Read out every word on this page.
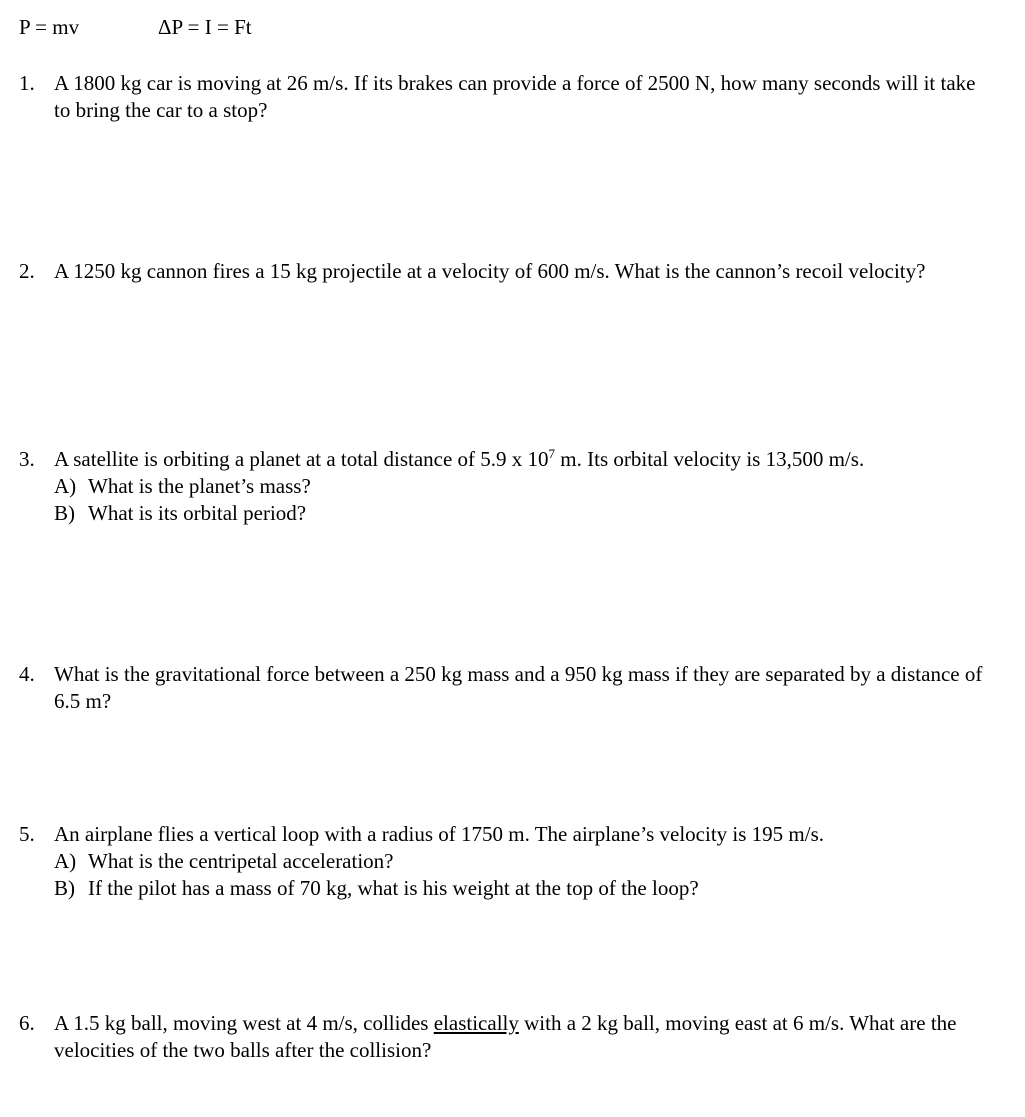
P = mv	ΔP = I = Ft
1. A 1800 kg car is moving at 26 m/s. If its brakes can provide a force of 2500 N, how many seconds will it take to bring the car to a stop?
2. A 1250 kg cannon fires a 15 kg projectile at a velocity of 600 m/s. What is the cannon’s recoil velocity?
3. A satellite is orbiting a planet at a total distance of 5.9 x $10^7$ m. Its orbital velocity is 13,500 m/s.
A) What is the planet’s mass?
B) What is its orbital period?
4. What is the gravitational force between a 250 kg mass and a 950 kg mass if they are separated by a distance of 6.5 m?
5. An airplane flies a vertical loop with a radius of 1750 m. The airplane’s velocity is 195 m/s.
A) What is the centripetal acceleration?
B) If the pilot has a mass of 70 kg, what is his weight at the top of the loop?
6. A 1.5 kg ball, moving west at 4 m/s, collides elastically with a 2 kg ball, moving east at 6 m/s. What are the velocities of the two balls after the collision?
